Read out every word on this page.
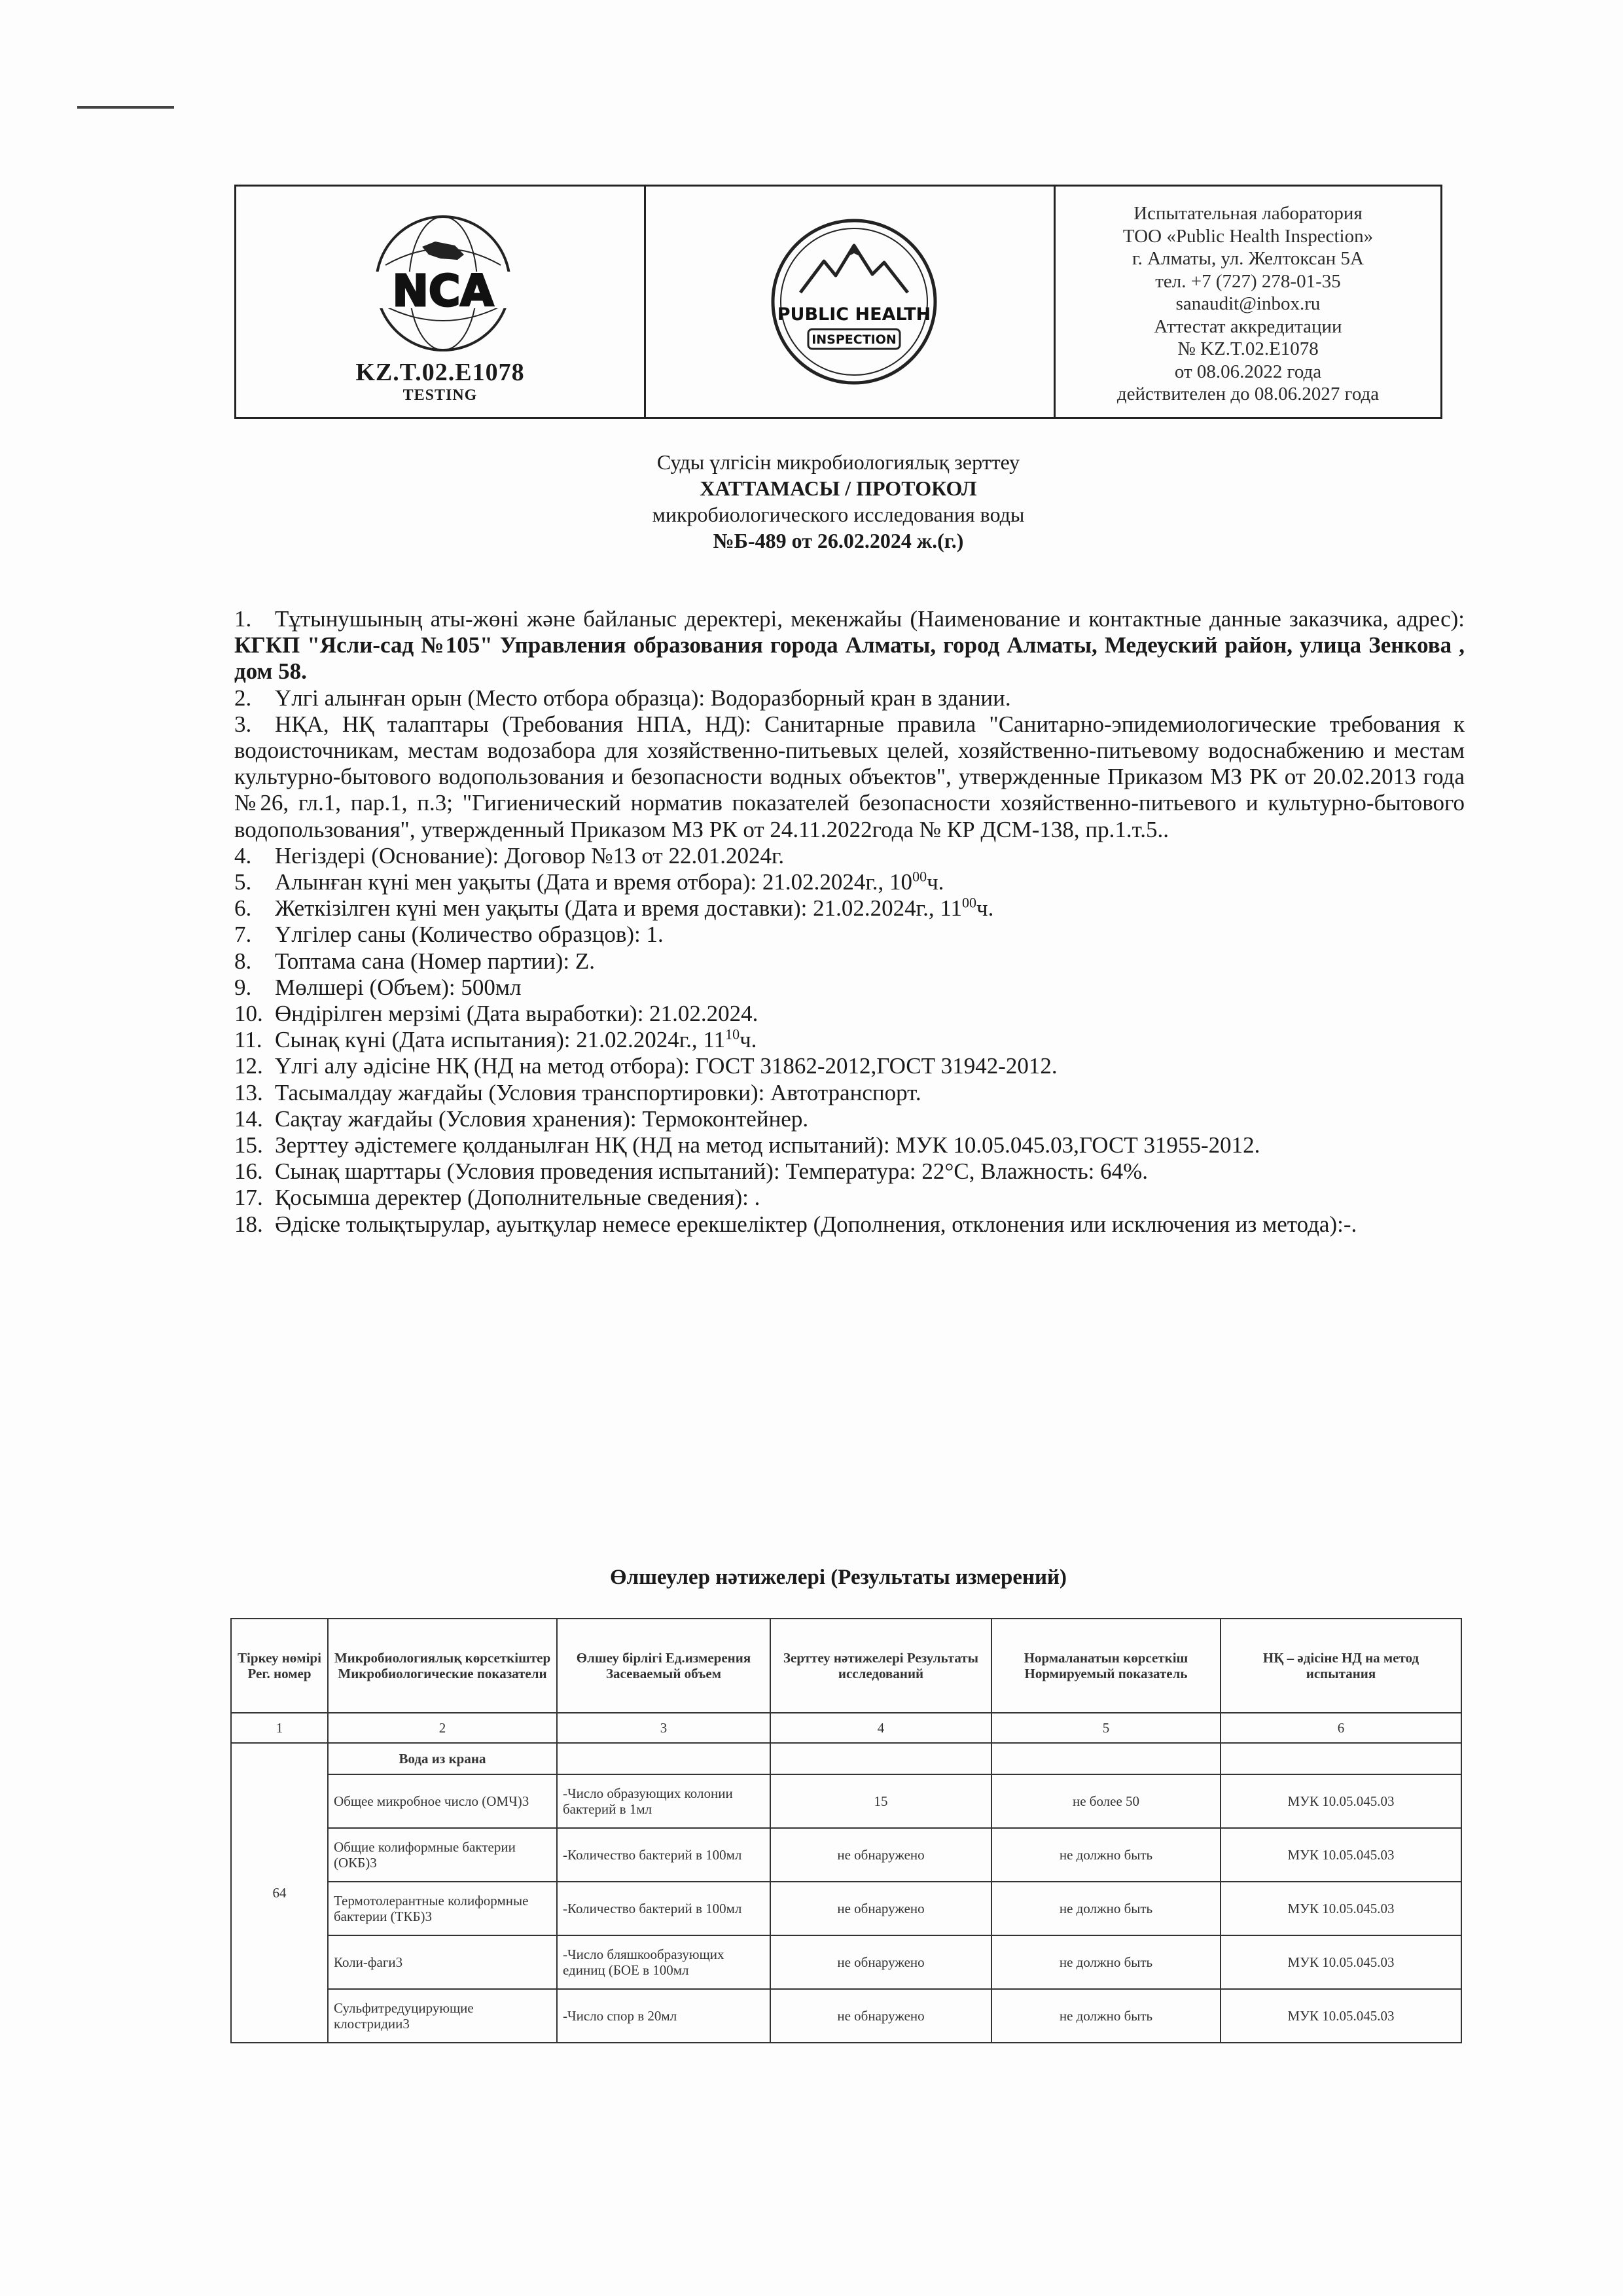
NCA
KZ.T.02.E1078
TESTING
PUBLIC HEALTH
INSPECTION
Испытательная лаборатория
ТОО «Public Health Inspection»
г. Алматы, ул. Желтоксан 5А
тел. +7 (727) 278-01-35
sanaudit@inbox.ru
Аттестат аккредитации
№ KZ.T.02.E1078
от 08.06.2022 года
действителен до 08.06.2027 года
Суды үлгісін микробиологиялық зерттеу
ХАТТАМАСЫ / ПРОТОКОЛ
микробиологического исследования воды
№Б-489 от 26.02.2024 ж.(г.)
1. Тұтынушының аты-жөні және байланыс деректері, мекенжайы (Наименование и контактные данные заказчика, адрес): КГКП "Ясли-сад №105" Управления образования города Алматы, город Алматы, Медеуский район, улица Зенкова , дом 58.
2. Үлгі алынған орын (Место отбора образца): Водоразборный кран в здании.
3. НҚА, НҚ талаптары (Требования НПА, НД): Санитарные правила "Санитарно-эпидемиологические требования к водоисточникам, местам водозабора для хозяйственно-питьевых целей, хозяйственно-питьевому водоснабжению и местам культурно-бытового водопользования и безопасности водных объектов", утвержденные Приказом МЗ РК от 20.02.2013 года №26, гл.1, пар.1, п.3; "Гигиенический норматив показателей безопасности хозяйственно-питьевого и культурно-бытового водопользования", утвержденный Приказом МЗ РК от 24.11.2022года № КР ДСМ-138, пр.1.т.5..
4. Негіздері (Основание): Договор №13 от 22.01.2024г.
5. Алынған күні мен уақыты (Дата и время отбора): 21.02.2024г., $10^{00}ч$.
6. Жеткізілген күні мен уақыты (Дата и время доставки): 21.02.2024г., $11^{00}ч$.
7. Үлгілер саны (Количество образцов): 1.
8. Топтама сана (Номер партии): Z.
9. Мөлшері (Объем): 500мл
10. Өндірілген мерзімі (Дата выработки): 21.02.2024.
11. Сынақ күні (Дата испытания): 21.02.2024г., $11^{10}ч$.
12. Үлгі алу әдісіне НҚ (НД на метод отбора): ГОСТ 31862-2012,ГОСТ 31942-2012.
13. Тасымалдау жағдайы (Условия транспортировки): Автотранспорт.
14. Сақтау жағдайы (Условия хранения): Термоконтейнер.
15. Зерттеу әдістемеге қолданылған НҚ (НД на метод испытаний): МУК 10.05.045.03,ГОСТ 31955-2012.
16. Сынақ шарттары (Условия проведения испытаний): Температура: 22°С, Влажность: 64%.
17. Қосымша деректер (Дополнительные сведения): .
18. Әдіске толықтырулар, ауытқулар немесе ерекшеліктер (Дополнения, отклонения или исключения из метода):-.
Өлшеулер нәтижелері (Результаты измерений)
Тіркеу нөмірі Рег. номер	Микробиологиялық көрсеткіштер Микробиологические показатели	Өлшеу бірлігі Ед.измерения Засеваемый объем	Зерттеу нәтижелері Результаты исследований	Нормаланатын көрсеткіш Нормируемый показатель	НҚ – әдісіне НД на метод испытания
1	2	3	4	5	6
64	Вода из крана				
	Общее микробное число (ОМЧ)3	-Число образующих колонии бактерий в 1мл	15	не более 50	МУК 10.05.045.03
	Общие колиформные бактерии (ОКБ)3	-Количество бактерий в 100мл	не обнаружено	не должно быть	МУК 10.05.045.03
	Термотолерантные колиформные бактерии (ТКБ)3	-Количество бактерий в 100мл	не обнаружено	не должно быть	МУК 10.05.045.03
	Коли-фаги3	-Число бляшкообразующих единиц (БОЕ в 100мл	не обнаружено	не должно быть	МУК 10.05.045.03
	Сульфитредуцирующие клостридии3	-Число спор в 20мл	не обнаружено	не должно быть	МУК 10.05.045.03
